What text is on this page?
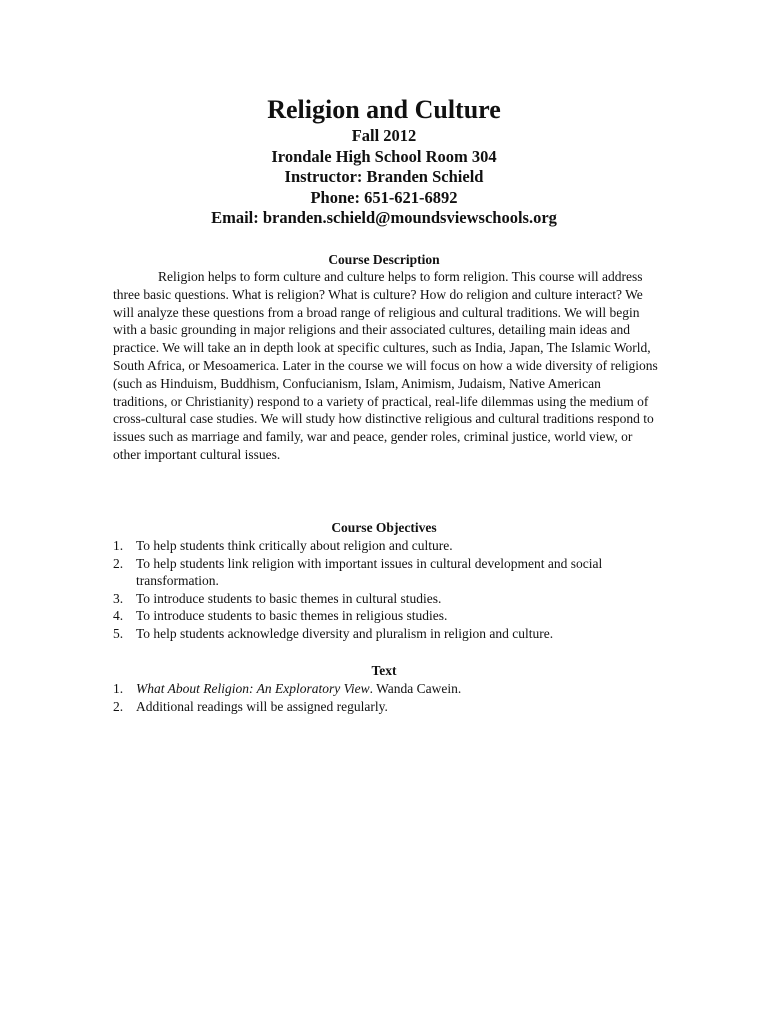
Religion and Culture
Fall 2012
Irondale High School Room 304
Instructor: Branden Schield
Phone: 651-621-6892
Email: branden.schield@moundsviewschools.org
Course Description

Religion helps to form culture and culture helps to form religion. This course will address three basic questions. What is religion? What is culture? How do religion and culture interact? We will analyze these questions from a broad range of religious and cultural traditions. We will begin with a basic grounding in major religions and their associated cultures, detailing main ideas and practice. We will take an in depth look at specific cultures, such as India, Japan, The Islamic World, South Africa, or Mesoamerica. Later in the course we will focus on how a wide diversity of religions (such as Hinduism, Buddhism, Confucianism, Islam, Animism, Judaism, Native American traditions, or Christianity) respond to a variety of practical, real-life dilemmas using the medium of cross-cultural case studies. We will study how distinctive religious and cultural traditions respond to issues such as marriage and family, war and peace, gender roles, criminal justice, world view, or other important cultural issues.

Course Objectives
1. To help students think critically about religion and culture.
2. To help students link religion with important issues in cultural development and social transformation.
3. To introduce students to basic themes in cultural studies.
4. To introduce students to basic themes in religious studies.
5. To help students acknowledge diversity and pluralism in religion and culture.
Text
1. What About Religion: An Exploratory View. Wanda Cawein.
2. Additional readings will be assigned regularly.
